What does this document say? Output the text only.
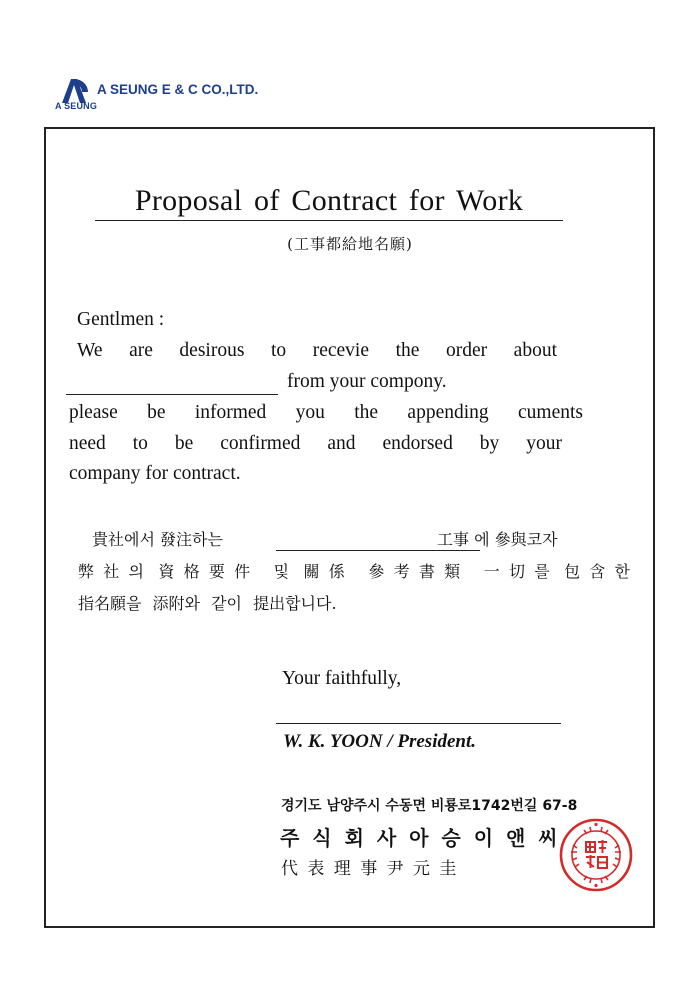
A SEUNG
A SEUNG E & C CO.,LTD.
Proposal of Contract for Work
(工事都給地名願)
Gentlmen :
We are desirous to recevie the order about
from your compony.
please be informed you the appending cuments
need to be confirmed and endorsed by your
company for contract.
貴社에서 發注하는	工事 에 參與코자
弊社의 資格要件 및 關係 參考書類 一切를 包含한
指名願을 添附와 같이 提出합니다.
Your faithfully,
W. K. YOON / President.
경기도 남양주시 수동면 비룡로1742번길 67-8
주 식 회 사 아 승 이 앤 씨
代 表 理 事 尹 元 圭
